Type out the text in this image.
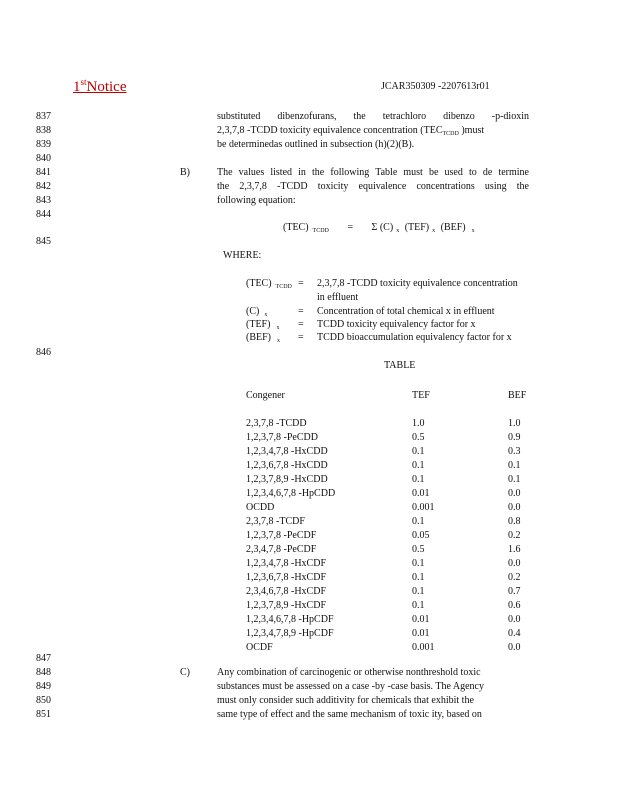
1stNotice	JCAR350309 -2207613r01
837
838
839
840
841
842
843
844
845
846
847
848
849
850
851
substituted dibenzofurans, the tetrachloro dibenzo -p-dioxin
2,3,7,8 -TCDD toxicity equivalence concentration ($TEC_{TCDD}$ )must
be determinedas outlined in subsection (h)(2)(B).
B)	The values listed in the following Table must be used to de termine
the 2,3,7,8 -TCDD toxicity equivalence concentrations using the
following equation:
(TEC) $_{TCDD}$ = Σ (C) $_x$ (TEF) $_x$ (BEF) $_x$
WHERE:
(TEC) $_{TCDD}$ = 2,3,7,8 -TCDD toxicity equivalence concentration
in effluent
(C) $_x$	= Concentration of total chemical x in effluent
(TEF) $_x$ = TCDD toxicity equivalency factor for x
(BEF) $_x$ = TCDD bioaccumulation equivalency factor for x
TABLE
Congener	TEF	BEF
2,3,7,8 -TCDD	1.0	1.0
1,2,3,7,8 -PeCDD	0.5	0.9
1,2,3,4,7,8 -HxCDD	0.1	0.3
1,2,3,6,7,8 -HxCDD	0.1	0.1
1,2,3,7,8,9 -HxCDD	0.1	0.1
1,2,3,4,6,7,8 -HpCDD	0.01	0.0
OCDD	0.001	0.0
2,3,7,8 -TCDF	0.1	0.8
1,2,3,7,8 -PeCDF	0.05	0.2
2,3,4,7,8 -PeCDF	0.5	1.6
1,2,3,4,7,8 -HxCDF	0.1	0.0
1,2,3,6,7,8 -HxCDF	0.1	0.2
2,3,4,6,7,8 -HxCDF	0.1	0.7
1,2,3,7,8,9 -HxCDF	0.1	0.6
1,2,3,4,6,7,8 -HpCDF	0.01	0.0
1,2,3,4,7,8,9 -HpCDF	0.01	0.4
OCDF	0.001	0.0
C)	Any combination of carcinogenic or otherwise nonthreshold toxic
substances must be assessed on a case -by -case basis. The Agency
must only consider such additivity for chemicals that exhibit the
same type of effect and the same mechanism of toxic ity, based on
